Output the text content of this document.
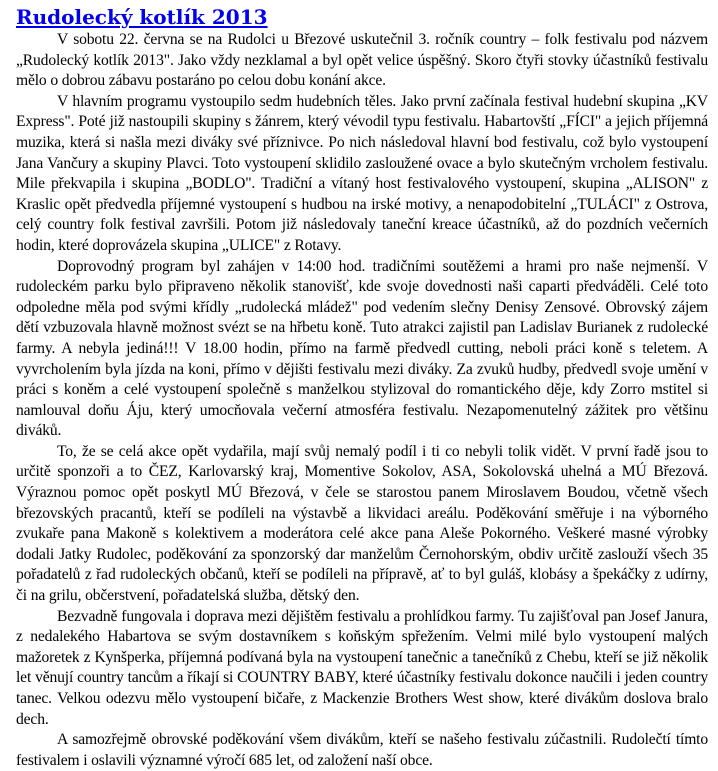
Rudolecký kotlík 2013

V sobotu 22. června se na Rudolci u Březové uskutečnil 3. ročník country – folk festivalu pod názvem „Rudolecký kotlík 2013". Jako vždy nezklamal a byl opět velice úspěšný. Skoro čtyři stovky účastníků festivalu mělo o dobrou zábavu postaráno po celou dobu konání akce.

V hlavním programu vystoupilo sedm hudebních těles. Jako první začínala festival hudební skupina „KV Express". Poté již nastoupili skupiny s žánrem, který vévodil typu festivalu. Habartovští „FÍCI" a jejich příjemná muzika, která si našla mezi diváky své příznivce. Po nich následoval hlavní bod festivalu, což bylo vystoupení Jana Vančury a skupiny Plavci. Toto vystoupení sklidilo zasloužené ovace a bylo skutečným vrcholem festivalu. Mile překvapila i skupina „BODLO". Tradiční a vítaný host festivalového vystoupení, skupina „ALISON" z Kraslic opět předvedla příjemné vystoupení s hudbou na irské motivy, a nenapodobitelní „TULÁCI" z Ostrova, celý country folk festival završili. Potom již následovaly taneční kreace účastníků, až do pozdních večerních hodin, které doprovázela skupina „ULICE" z Rotavy.

Doprovodný program byl zahájen v 14:00 hod. tradičními soutěžemi a hrami pro naše nejmenší. V rudoleckém parku bylo připraveno několik stanovišť, kde svoje dovednosti naši caparti předváděli. Celé toto odpoledne měla pod svými křídly „rudolecká mládež" pod vedením slečny Denisy Zensové. Obrovský zájem dětí vzbuzovala hlavně možnost svézt se na hřbetu koně. Tuto atrakci zajistil pan Ladislav Burianek z rudolecké farmy. A nebyla jediná!!! V 18.00 hodin, přímo na farmě předvedl cutting, neboli práci koně s teletem. A vyvrcholením byla jízda na koni, přímo v dějišti festivalu mezi diváky. Za zvuků hudby, předvedl svoje umění v práci s koněm a celé vystoupení společně s manželkou stylizoval do romantického děje, kdy Zorro mstitel si namlouval doňu Áju, který umocňovala večerní atmosféra festivalu. Nezapomenutelný zážitek pro většinu diváků.

To, že se celá akce opět vydařila, mají svůj nemalý podíl i ti co nebyli tolik vidět. V první řadě jsou to určitě sponzoři a to ČEZ, Karlovarský kraj, Momentive Sokolov, ASA, Sokolovská uhelná a MÚ Březová. Výraznou pomoc opět poskytl MÚ Březová, v čele se starostou panem Miroslavem Boudou, včetně všech březovských pracantů, kteří se podíleli na výstavbě a likvidaci areálu. Poděkování směřuje i na výborného zvukaře pana Makoně s kolektivem a moderátora celé akce pana Aleše Pokorného. Veškeré masné výrobky dodali Jatky Rudolec, poděkování za sponzorský dar manželům Černohorským, obdiv určitě zaslouží všech 35 pořadatelů z řad rudoleckých občanů, kteří se podíleli na přípravě, ať to byl guláš, klobásy a špekáčky z udírny, či na grilu, občerstvení, pořadatelská služba, dětský den.

Bezvadně fungovala i doprava mezi dějištěm festivalu a prohlídkou farmy. Tu zajišťoval pan Josef Janura, z nedalekého Habartova se svým dostavníkem s koňským spřežením. Velmi milé bylo vystoupení malých mažoretek z Kynšperka, příjemná podívaná byla na vystoupení tanečnic a tanečníků z Chebu, kteří se již několik let věnují country tancům a říkají si COUNTRY BABY, které účastníky festivalu dokonce naučili i jeden country tanec. Velkou odezvu mělo vystoupení bičaře, z Mackenzie Brothers West show, které divákům doslova bralo dech.

A samozřejmě obrovské poděkování všem divákům, kteří se našeho festivalu zúčastnili. Rudolečtí tímto festivalem i oslavili významné výročí 685 let, od založení naší obce.
